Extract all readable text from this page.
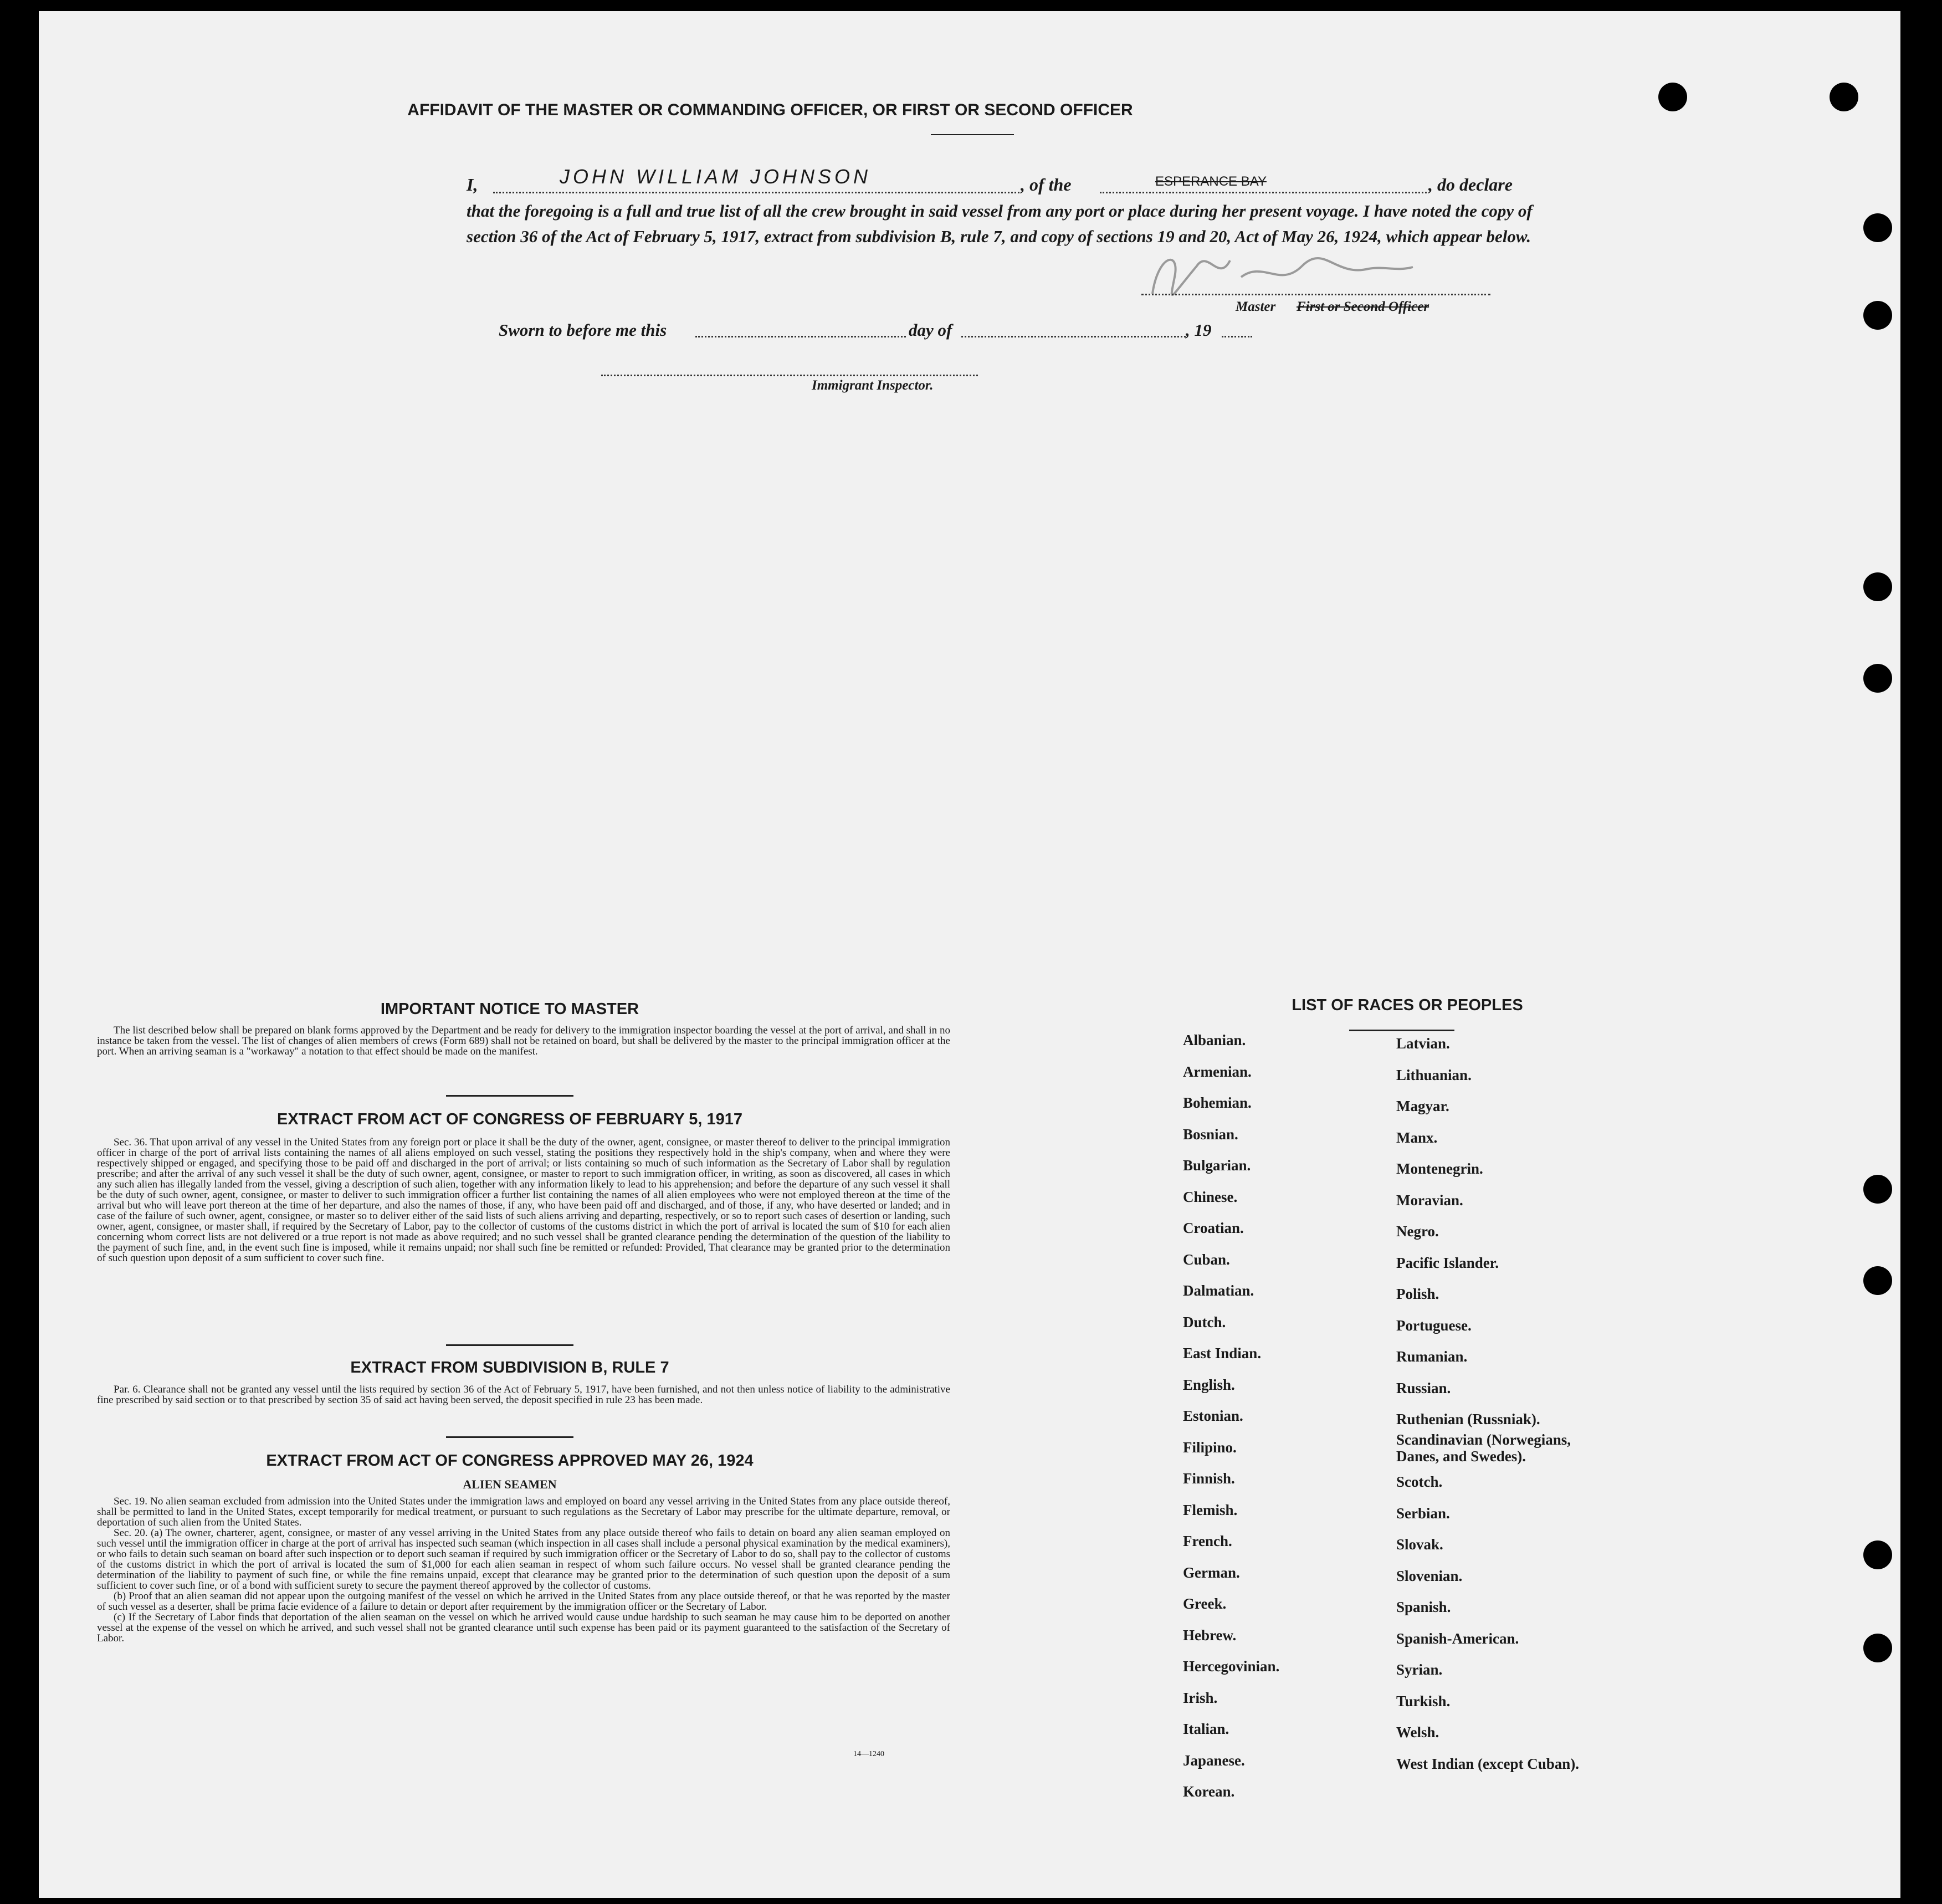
AFFIDAVIT OF THE MASTER OR COMMANDING OFFICER, OR FIRST OR SECOND OFFICER
I,	JOHN WILLIAM JOHNSON	, of the	ESPERANCE BAY	, do declare
that the foregoing is a full and true list of all the crew brought in said vessel from any port or place during her present voyage. I have noted the copy of section 36 of the Act of February 5, 1917, extract from subdivision B, rule 7, and copy of sections 19 and 20, Act of May 26, 1924, which appear below.
Master First or Second Officer
Sworn to before me this	day of	, 19
Immigrant Inspector.
IMPORTANT NOTICE TO MASTER

The list described below shall be prepared on blank forms approved by the Department and be ready for delivery to the immigration inspector boarding the vessel at the port of arrival, and shall in no instance be taken from the vessel. The list of changes of alien members of crews (Form 689) shall not be retained on board, but shall be delivered by the master to the principal immigration officer at the port. When an arriving seaman is a "workaway" a notation to that effect should be made on the manifest.

EXTRACT FROM ACT OF CONGRESS OF FEBRUARY 5, 1917

Sec. 36. That upon arrival of any vessel in the United States from any foreign port or place it shall be the duty of the owner, agent, consignee, or master thereof to deliver to the principal immigration officer in charge of the port of arrival lists containing the names of all aliens employed on such vessel, stating the positions they respectively hold in the ship's company, when and where they were respectively shipped or engaged, and specifying those to be paid off and discharged in the port of arrival; or lists containing so much of such information as the Secretary of Labor shall by regulation prescribe; and after the arrival of any such vessel it shall be the duty of such owner, agent, consignee, or master to report to such immigration officer, in writing, as soon as discovered, all cases in which any such alien has illegally landed from the vessel, giving a description of such alien, together with any information likely to lead to his apprehension; and before the departure of any such vessel it shall be the duty of such owner, agent, consignee, or master to deliver to such immigration officer a further list containing the names of all alien employees who were not employed thereon at the time of the arrival but who will leave port thereon at the time of her departure, and also the names of those, if any, who have been paid off and discharged, and of those, if any, who have deserted or landed; and in case of the failure of such owner, agent, consignee, or master so to deliver either of the said lists of such aliens arriving and departing, respectively, or so to report such cases of desertion or landing, such owner, agent, consignee, or master shall, if required by the Secretary of Labor, pay to the collector of customs of the customs district in which the port of arrival is located the sum of $10 for each alien concerning whom correct lists are not delivered or a true report is not made as above required; and no such vessel shall be granted clearance pending the determination of the question of the liability to the payment of such fine, and, in the event such fine is imposed, while it remains unpaid; nor shall such fine be remitted or refunded: Provided, That clearance may be granted prior to the determination of such question upon deposit of a sum sufficient to cover such fine.

EXTRACT FROM SUBDIVISION B, RULE 7

Par. 6. Clearance shall not be granted any vessel until the lists required by section 36 of the Act of February 5, 1917, have been furnished, and not then unless notice of liability to the administrative fine prescribed by said section or to that prescribed by section 35 of said act having been served, the deposit specified in rule 23 has been made.

EXTRACT FROM ACT OF CONGRESS APPROVED MAY 26, 1924
ALIEN SEAMEN

Sec. 19. No alien seaman excluded from admission into the United States under the immigration laws and employed on board any vessel arriving in the United States from any place outside thereof, shall be permitted to land in the United States, except temporarily for medical treatment, or pursuant to such regulations as the Secretary of Labor may prescribe for the ultimate departure, removal, or deportation of such alien from the United States.

Sec. 20. (a) The owner, charterer, agent, consignee, or master of any vessel arriving in the United States from any place outside thereof who fails to detain on board any alien seaman employed on such vessel until the immigration officer in charge at the port of arrival has inspected such seaman (which inspection in all cases shall include a personal physical examination by the medical examiners), or who fails to detain such seaman on board after such inspection or to deport such seaman if required by such immigration officer or the Secretary of Labor to do so, shall pay to the collector of customs of the customs district in which the port of arrival is located the sum of $1,000 for each alien seaman in respect of whom such failure occurs. No vessel shall be granted clearance pending the determination of the liability to payment of such fine, or while the fine remains unpaid, except that clearance may be granted prior to the determination of such question upon the deposit of a sum sufficient to cover such fine, or of a bond with sufficient surety to secure the payment thereof approved by the collector of customs.

(b) Proof that an alien seaman did not appear upon the outgoing manifest of the vessel on which he arrived in the United States from any place outside thereof, or that he was reported by the master of such vessel as a deserter, shall be prima facie evidence of a failure to detain or deport after requirement by the immigration officer or the Secretary of Labor.

(c) If the Secretary of Labor finds that deportation of the alien seaman on the vessel on which he arrived would cause undue hardship to such seaman he may cause him to be deported on another vessel at the expense of the vessel on which he arrived, and such vessel shall not be granted clearance until such expense has been paid or its payment guaranteed to the satisfaction of the Secretary of Labor.

14—1240
LIST OF RACES OR PEOPLES
Albanian.
Armenian.
Bohemian.
Bosnian.
Bulgarian.
Chinese.
Croatian.
Cuban.
Dalmatian.
Dutch.
East Indian.
English.
Estonian.
Filipino.
Finnish.
Flemish.
French.
German.
Greek.
Hebrew.
Hercegovinian.
Irish.
Italian.
Japanese.
Korean.
Latvian.
Lithuanian.
Magyar.
Manx.
Montenegrin.
Moravian.
Negro.
Pacific Islander.
Polish.
Portuguese.
Rumanian.
Russian.
Ruthenian (Russniak).
Scandinavian (Norwegians, Danes, and Swedes).
Scotch.
Serbian.
Slovak.
Slovenian.
Spanish.
Spanish-American.
Syrian.
Turkish.
Welsh.
West Indian (except Cuban).
